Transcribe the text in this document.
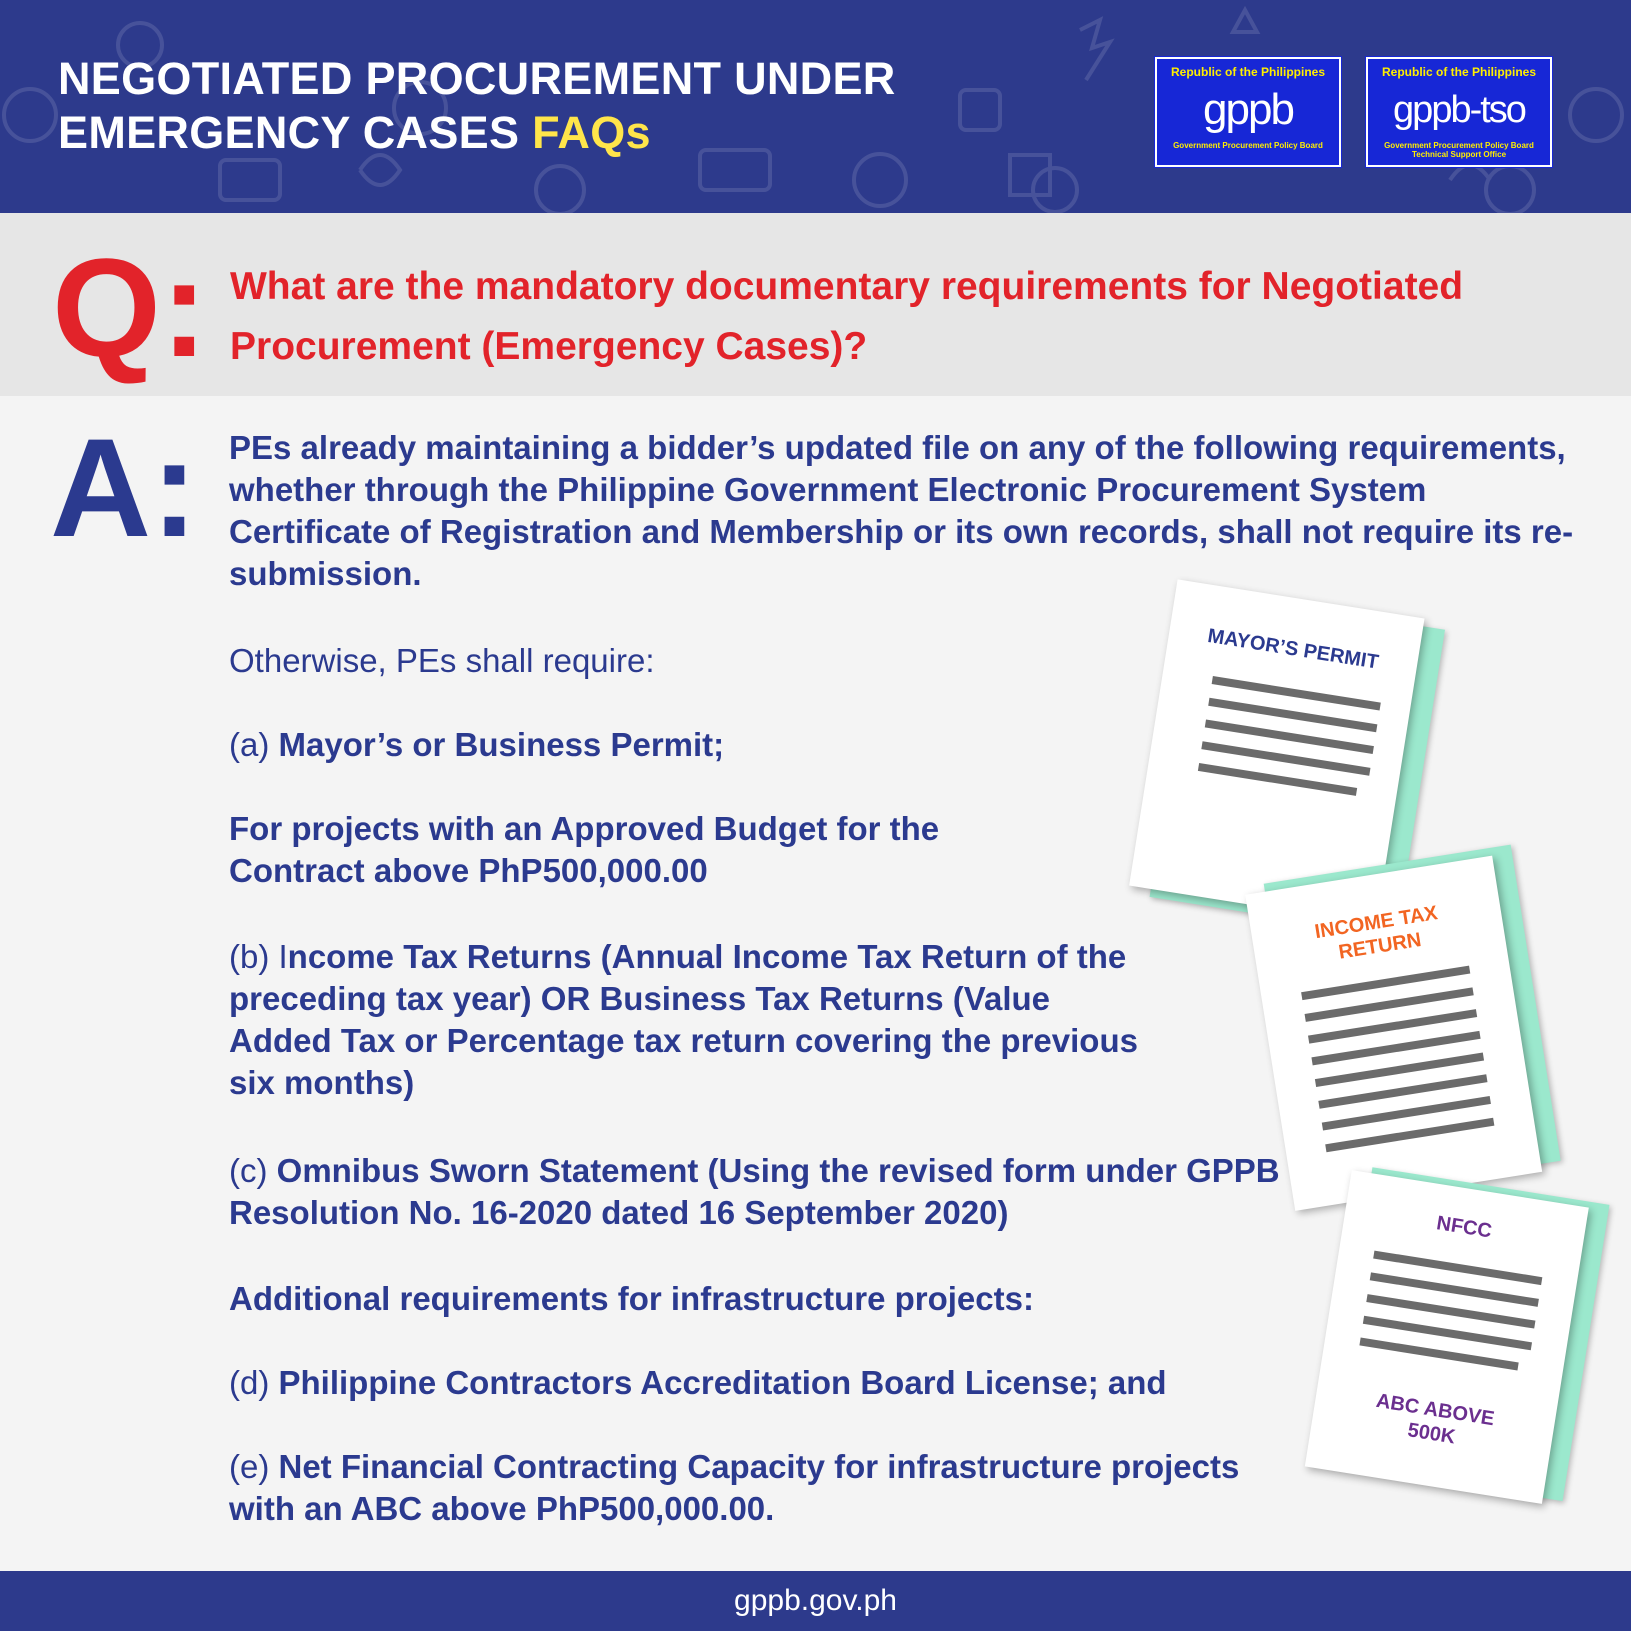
NEGOTIATED PROCUREMENT UNDER
EMERGENCY CASES FAQs
Republic of the Philippines
gppb
Government Procurement Policy Board
Republic of the Philippines
gppb-tso
Government Procurement Policy Board Technical Support Office
Q: What are the mandatory documentary requirements for Negotiated Procurement (Emergency Cases)?
A: PEs already maintaining a bidder’s updated file on any of the following requirements, whether through the Philippine Government Electronic Procurement System Certificate of Registration and Membership or its own records, shall not require its re-submission.
Otherwise, PEs shall require:
(a) Mayor’s or Business Permit;
For projects with an Approved Budget for the Contract above PhP500,000.00
(b) Income Tax Returns (Annual Income Tax Return of the preceding tax year) OR Business Tax Returns (Value Added Tax or Percentage tax return covering the previous six months)
(c) Omnibus Sworn Statement (Using the revised form under GPPB Resolution No. 16-2020 dated 16 September 2020)
Additional requirements for infrastructure projects:
(d) Philippine Contractors Accreditation Board License; and
(e) Net Financial Contracting Capacity for infrastructure projects with an ABC above PhP500,000.00.
MAYOR’S PERMIT
INCOME TAX RETURN
NFCC
ABC ABOVE 500K
gppb.gov.ph
